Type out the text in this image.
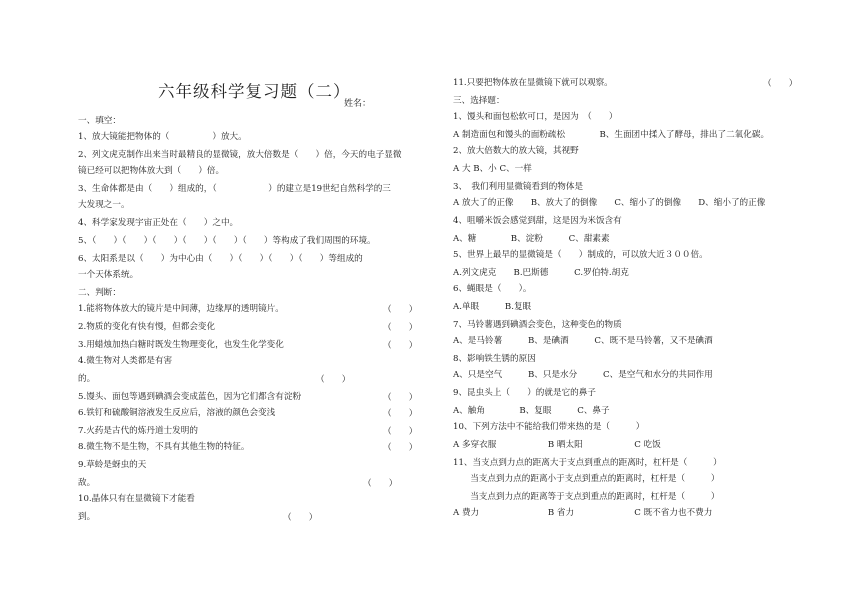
六年级科学复习题（二）
姓名：
一、填空：
1、放大镜能把物体的（　　　　　）放大。
2、列文虎克制作出来当时最精良的显微镜，放大倍数是（　　）倍，今天的电子显微
镜已经可以把物体放大到（　　）倍。
3、生命体都是由（　　）组成的，（　　　　　　）的建立是19世纪自然科学的三
大发现之一。
4、科学家发现宇宙正处在（　　）之中。
5、（　　）（　　）（　　）（　　）（　　）（　　）等构成了我们周围的环境。
6、太阳系是以（　　）为中心由（　　）（　　）（　　）（　　）等组成的
一个天体系统。
二、判断：
1.能将物体放大的镜片是中间薄，边缘厚的透明镜片。	（　　）
2.物质的变化有快有慢，但都会变化	（　　）
3.用蜡烛加热白糖时既发生物理变化，也发生化学变化	（　　）
4.微生物对人类都是有害
的。	（　　）
5.馒头、面包等遇到碘酒会变成蓝色，因为它们都含有淀粉	（　　）
6.铁钉和硫酸铜溶液发生反应后，溶液的颜色会变浅	（　　）
7.火药是古代的炼丹道士发明的	（　　）
8.微生物不是生物，不具有其他生物的特征。	（　　）
9.草蛉是蚜虫的天
敌。	（　　）
10.晶体只有在显微镜下才能看
到。	（　　）
11.只要把物体放在显微镜下就可以观察。	（　　）
三、选择题：
1、馒头和面包松软可口，是因为　（　　）
A 制造面包和馒头的面粉疏松　　　　B、生面团中揉入了酵母，排出了二氧化碳。
2、放大倍数大的放大镜，其视野
A 大 B、小 C、一样
3、　我们利用显微镜看到的物体是
A 放大了的正像　　B、放大了的倒像　　C、缩小了的倒像　　D、缩小了的正像
4、咀嚼米饭会感觉到甜，这是因为米饭含有
A、糖　　　　B、淀粉　　　C、甜素素
5、世界上最早的显微镜是（　　）制成的，可以放大近３００倍。
A.列文虎克　　B.巴斯德　　　C.罗伯特.胡克
6、蝇眼是（　　）。
A.单眼　　　B.复眼
7、马铃薯遇到碘酒会变色，这种变色的物质
A、是马铃薯　　　B、是碘酒　　　C、既不是马铃薯，又不是碘酒
8、影响铁生锈的原因
A、只是空气　　　B、只是水分　　　C、是空气和水分的共同作用
9、昆虫头上（　　）的就是它的鼻子
A、触角　　　　B、复眼　　　C、鼻子
10、下列方法中不能给我们带来热的是（　　　）
A 多穿衣服　　　　　　B 晒太阳　　　　　　C 吃饭
11、当支点到力点的距离大于支点到重点的距离时，杠杆是（　　　）
　　当支点到力点的距离小于支点到重点的距离时，杠杆是（　　　）
　　当支点到力点的距离等于支点到重点的距离时，杠杆是（　　　）
A 费力　　　　　　　　B 省力　　　　　　　C 既不省力也不费力
